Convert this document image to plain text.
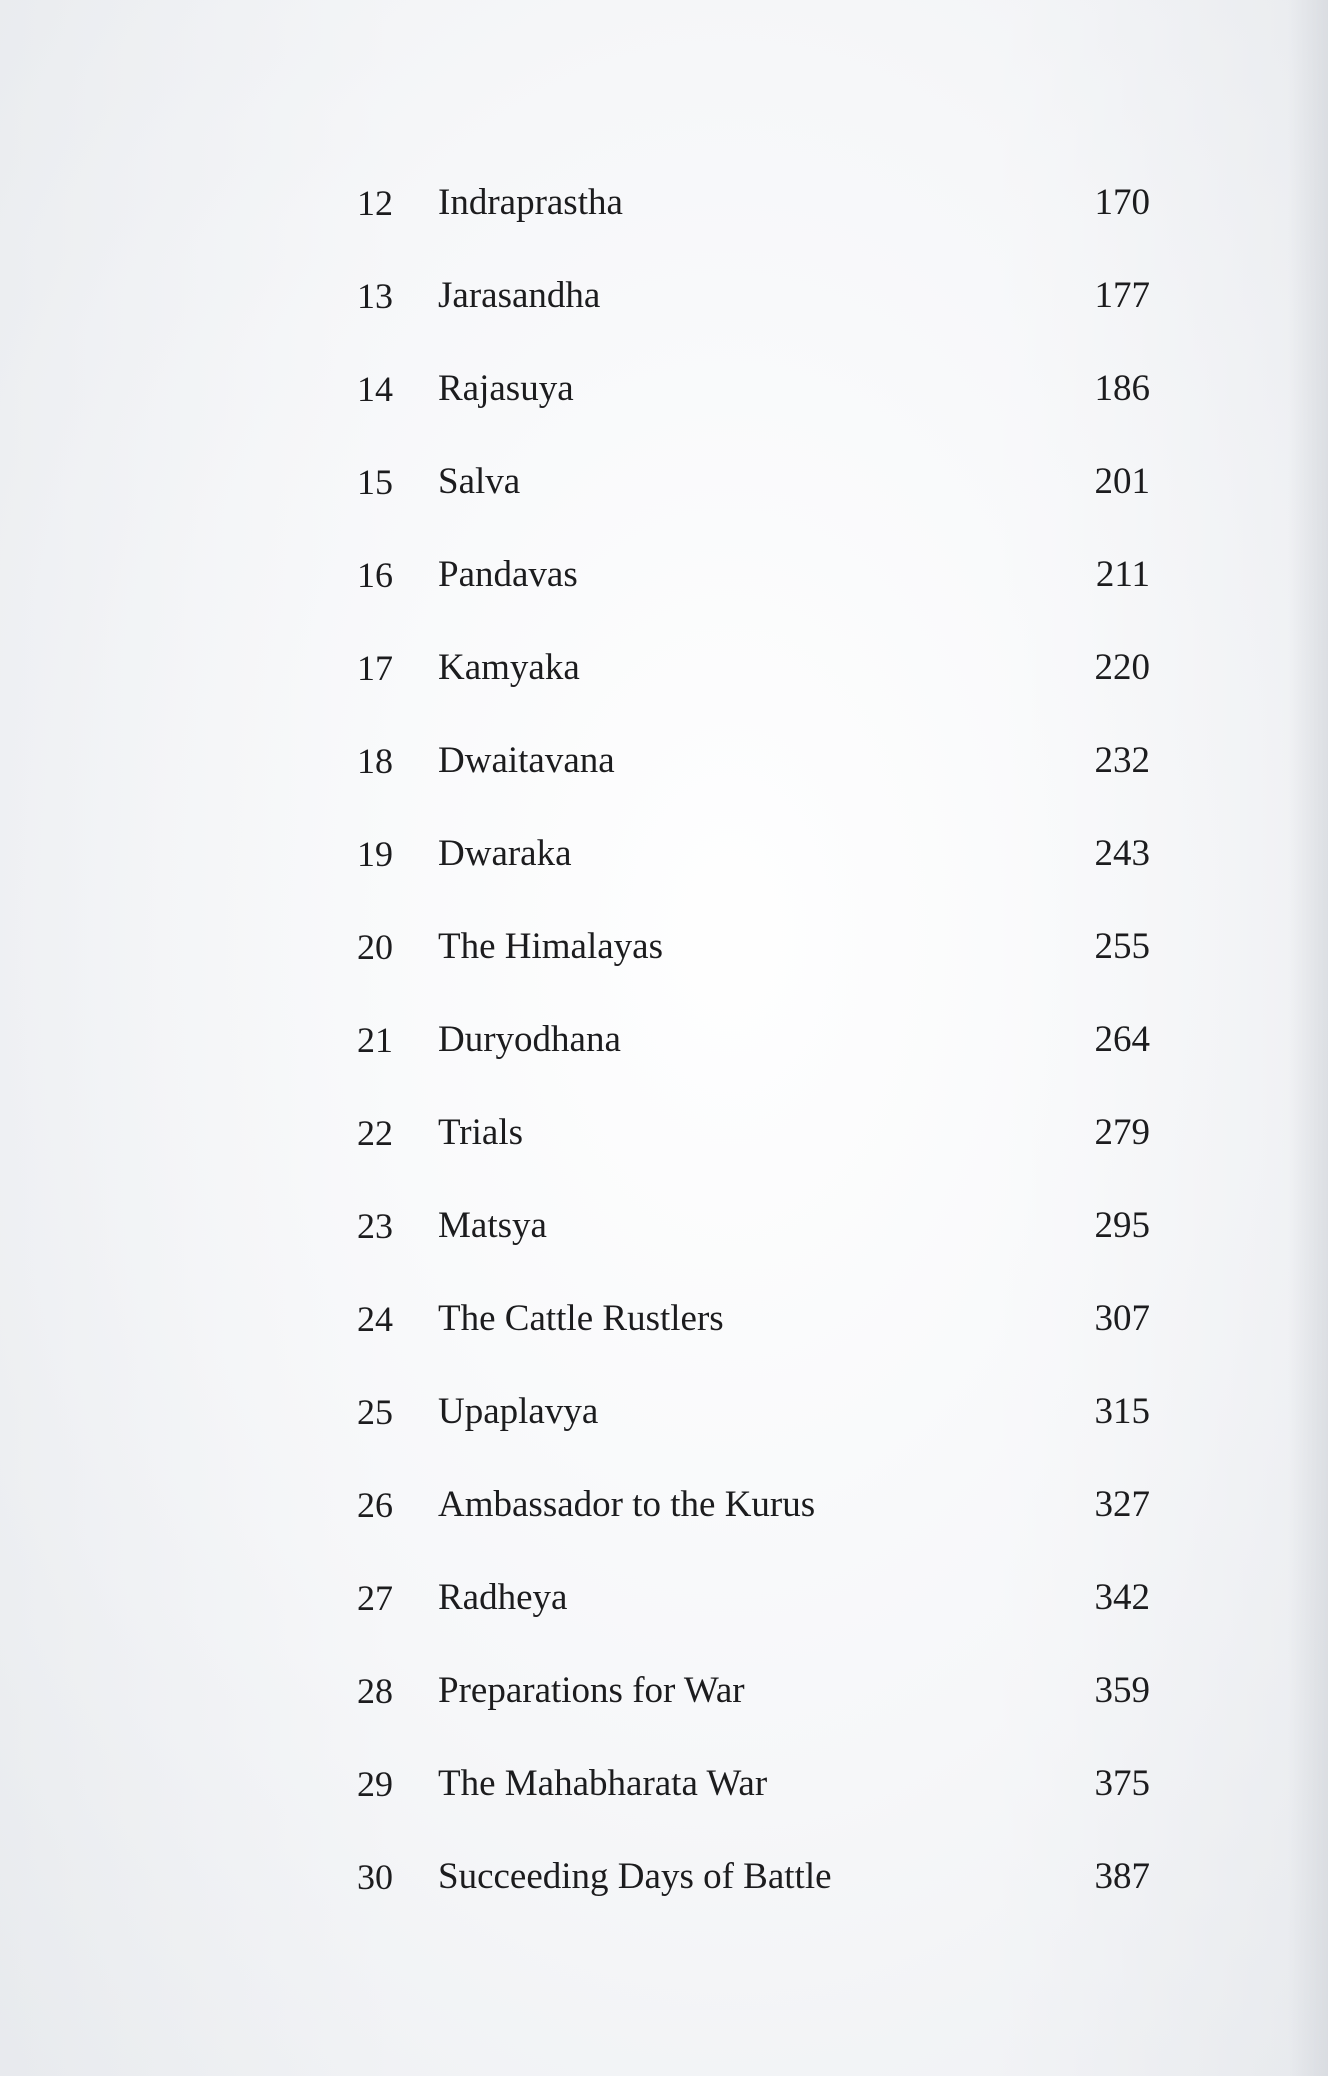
12 Indraprastha	170
13 Jarasandha	177
14 Rajasuya	186
15 Salva	201
16 Pandavas	211
17 Kamyaka	220
18 Dwaitavana	232
19 Dwaraka	243
20 The Himalayas	255
21 Duryodhana	264
22 Trials	279
23 Matsya	295
24 The Cattle Rustlers	307
25 Upaplavya	315
26 Ambassador to the Kurus	327
27 Radheya	342
28 Preparations for War	359
29 The Mahabharata War	375
30 Succeeding Days of Battle	387
